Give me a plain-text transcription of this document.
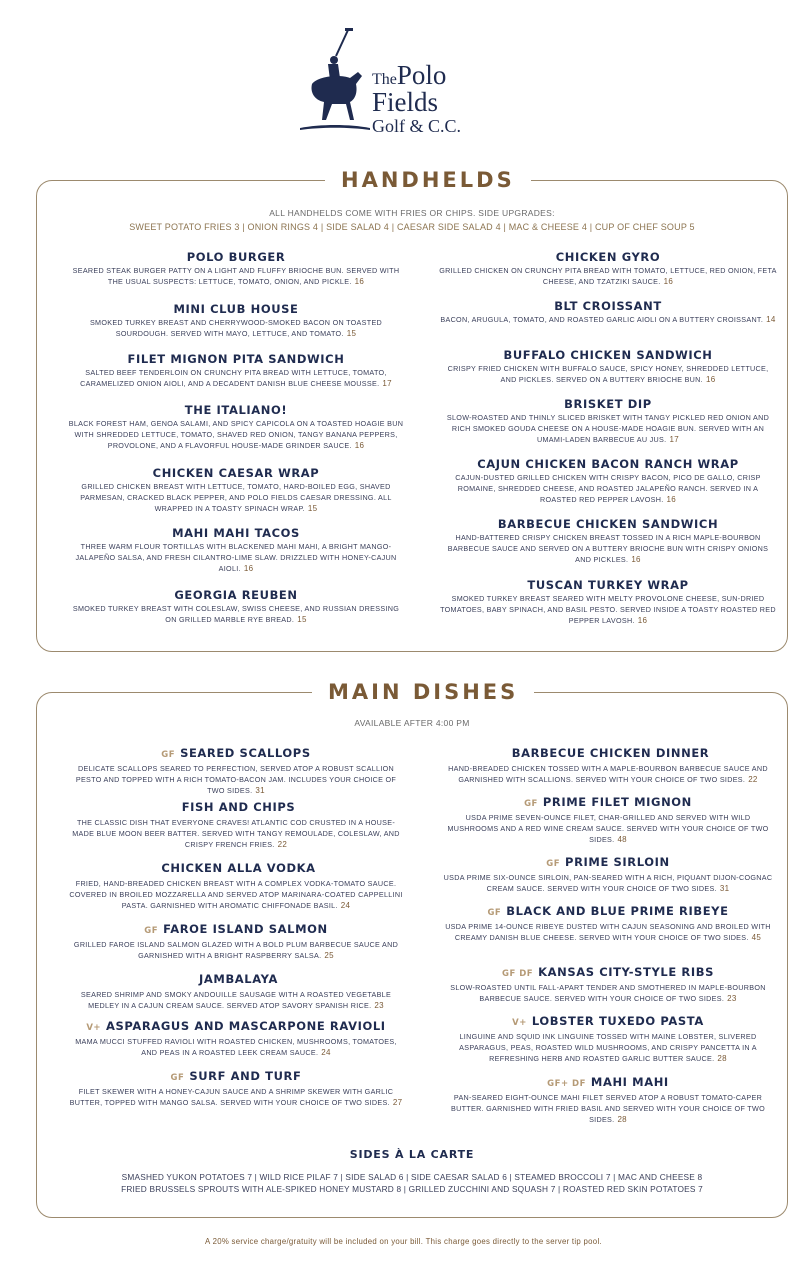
ThePolo
Fields
Golf & C.C.
HANDHELDS
ALL HANDHELDS COME WITH FRIES OR CHIPS. SIDE UPGRADES:
SWEET POTATO FRIES 3 | ONION RINGS 4 | SIDE SALAD 4 | CAESAR SIDE SALAD 4 | MAC & CHEESE 4 | CUP OF CHEF SOUP 5
POLO BURGER

SEARED STEAK BURGER PATTY ON A LIGHT AND FLUFFY BRIOCHE BUN. SERVED WITH THE USUAL SUSPECTS: LETTUCE, TOMATO, ONION, AND PICKLE. 16

MINI CLUB HOUSE

SMOKED TURKEY BREAST AND CHERRYWOOD-SMOKED BACON ON TOASTED SOURDOUGH. SERVED WITH MAYO, LETTUCE, AND TOMATO. 15

FILET MIGNON PITA SANDWICH

SALTED BEEF TENDERLOIN ON CRUNCHY PITA BREAD WITH LETTUCE, TOMATO, CARAMELIZED ONION AIOLI, AND A DECADENT DANISH BLUE CHEESE MOUSSE. 17

THE ITALIANO!

BLACK FOREST HAM, GENOA SALAMI, AND SPICY CAPICOLA ON A TOASTED HOAGIE BUN WITH SHREDDED LETTUCE, TOMATO, SHAVED RED ONION, TANGY BANANA PEPPERS, PROVOLONE, AND A FLAVORFUL HOUSE-MADE GRINDER SAUCE. 16

CHICKEN CAESAR WRAP

GRILLED CHICKEN BREAST WITH LETTUCE, TOMATO, HARD-BOILED EGG, SHAVED PARMESAN, CRACKED BLACK PEPPER, AND POLO FIELDS CAESAR DRESSING. ALL WRAPPED IN A TOASTY SPINACH WRAP. 15

MAHI MAHI TACOS

THREE WARM FLOUR TORTILLAS WITH BLACKENED MAHI MAHI, A BRIGHT MANGO-JALAPEÑO SALSA, AND FRESH CILANTRO-LIME SLAW. DRIZZLED WITH HONEY-CAJUN AIOLI. 16

GEORGIA REUBEN

SMOKED TURKEY BREAST WITH COLESLAW, SWISS CHEESE, AND RUSSIAN DRESSING ON GRILLED MARBLE RYE BREAD. 15

CHICKEN GYRO

GRILLED CHICKEN ON CRUNCHY PITA BREAD WITH TOMATO, LETTUCE, RED ONION, FETA CHEESE, AND TZATZIKI SAUCE. 16

BLT CROISSANT

BACON, ARUGULA, TOMATO, AND ROASTED GARLIC AIOLI ON A BUTTERY CROISSANT. 14

BUFFALO CHICKEN SANDWICH

CRISPY FRIED CHICKEN WITH BUFFALO SAUCE, SPICY HONEY, SHREDDED LETTUCE, AND PICKLES. SERVED ON A BUTTERY BRIOCHE BUN. 16

BRISKET DIP

SLOW-ROASTED AND THINLY SLICED BRISKET WITH TANGY PICKLED RED ONION AND RICH SMOKED GOUDA CHEESE ON A HOUSE-MADE HOAGIE BUN. SERVED WITH AN UMAMI-LADEN BARBECUE AU JUS. 17

CAJUN CHICKEN BACON RANCH WRAP

CAJUN-DUSTED GRILLED CHICKEN WITH CRISPY BACON, PICO DE GALLO, CRISP ROMAINE, SHREDDED CHEESE, AND ROASTED JALAPEÑO RANCH. SERVED IN A ROASTED RED PEPPER LAVOSH. 16

BARBECUE CHICKEN SANDWICH

HAND-BATTERED CRISPY CHICKEN BREAST TOSSED IN A RICH MAPLE-BOURBON BARBECUE SAUCE AND SERVED ON A BUTTERY BRIOCHE BUN WITH CRISPY ONIONS AND PICKLES. 16

TUSCAN TURKEY WRAP

SMOKED TURKEY BREAST SEARED WITH MELTY PROVOLONE CHEESE, SUN-DRIED TOMATOES, BABY SPINACH, AND BASIL PESTO. SERVED INSIDE A TOASTY ROASTED RED PEPPER LAVOSH. 16

MAIN DISHES
AVAILABLE AFTER 4:00 PM
GF SEARED SCALLOPS

DELICATE SCALLOPS SEARED TO PERFECTION, SERVED ATOP A ROBUST SCALLION PESTO AND TOPPED WITH A RICH TOMATO-BACON JAM. INCLUDES YOUR CHOICE OF TWO SIDES. 31

FISH AND CHIPS

THE CLASSIC DISH THAT EVERYONE CRAVES! ATLANTIC COD CRUSTED IN A HOUSE-MADE BLUE MOON BEER BATTER. SERVED WITH TANGY REMOULADE, COLESLAW, AND CRISPY FRENCH FRIES. 22

CHICKEN ALLA VODKA

FRIED, HAND-BREADED CHICKEN BREAST WITH A COMPLEX VODKA-TOMATO SAUCE. COVERED IN BROILED MOZZARELLA AND SERVED ATOP MARINARA-COATED CAPPELLINI PASTA. GARNISHED WITH AROMATIC CHIFFONADE BASIL. 24

GF FAROE ISLAND SALMON

GRILLED FAROE ISLAND SALMON GLAZED WITH A BOLD PLUM BARBECUE SAUCE AND GARNISHED WITH A BRIGHT RASPBERRY SALSA. 25

JAMBALAYA

SEARED SHRIMP AND SMOKY ANDOUILLE SAUSAGE WITH A ROASTED VEGETABLE MEDLEY IN A CAJUN CREAM SAUCE. SERVED ATOP SAVORY SPANISH RICE. 23

V+ ASPARAGUS AND MASCARPONE RAVIOLI

MAMA MUCCI STUFFED RAVIOLI WITH ROASTED CHICKEN, MUSHROOMS, TOMATOES, AND PEAS IN A ROASTED LEEK CREAM SAUCE. 24

GF SURF AND TURF

FILET SKEWER WITH A HONEY-CAJUN SAUCE AND A SHRIMP SKEWER WITH GARLIC BUTTER, TOPPED WITH MANGO SALSA. SERVED WITH YOUR CHOICE OF TWO SIDES. 27

BARBECUE CHICKEN DINNER

HAND-BREADED CHICKEN TOSSED WITH A MAPLE-BOURBON BARBECUE SAUCE AND GARNISHED WITH SCALLIONS. SERVED WITH YOUR CHOICE OF TWO SIDES. 22

GF PRIME FILET MIGNON

USDA PRIME SEVEN-OUNCE FILET, CHAR-GRILLED AND SERVED WITH WILD MUSHROOMS AND A RED WINE CREAM SAUCE. SERVED WITH YOUR CHOICE OF TWO SIDES. 48

GF PRIME SIRLOIN

USDA PRIME SIX-OUNCE SIRLOIN, PAN-SEARED WITH A RICH, PIQUANT DIJON-COGNAC CREAM SAUCE. SERVED WITH YOUR CHOICE OF TWO SIDES. 31

GF BLACK AND BLUE PRIME RIBEYE

USDA PRIME 14-OUNCE RIBEYE DUSTED WITH CAJUN SEASONING AND BROILED WITH CREAMY DANISH BLUE CHEESE. SERVED WITH YOUR CHOICE OF TWO SIDES. 45

GF DF KANSAS CITY-STYLE RIBS

SLOW-ROASTED UNTIL FALL-APART TENDER AND SMOTHERED IN MAPLE-BOURBON BARBECUE SAUCE. SERVED WITH YOUR CHOICE OF TWO SIDES. 23

V+ LOBSTER TUXEDO PASTA

LINGUINE AND SQUID INK LINGUINE TOSSED WITH MAINE LOBSTER, SLIVERED ASPARAGUS, PEAS, ROASTED WILD MUSHROOMS, AND CRISPY PANCETTA IN A REFRESHING HERB AND ROASTED GARLIC BUTTER SAUCE. 28

GF+ DF MAHI MAHI

PAN-SEARED EIGHT-OUNCE MAHI FILET SERVED ATOP A ROBUST TOMATO-CAPER BUTTER. GARNISHED WITH FRIED BASIL AND SERVED WITH YOUR CHOICE OF TWO SIDES. 28

SIDES À LA CARTE
SMASHED YUKON POTATOES 7 | WILD RICE PILAF 7 | SIDE SALAD 6 | SIDE CAESAR SALAD 6 | STEAMED BROCCOLI 7 | MAC AND CHEESE 8
FRIED BRUSSELS SPROUTS WITH ALE-SPIKED HONEY MUSTARD 8 | GRILLED ZUCCHINI AND SQUASH 7 | ROASTED RED SKIN POTATOES 7
A 20% service charge/gratuity will be included on your bill. This charge goes directly to the server tip pool.
